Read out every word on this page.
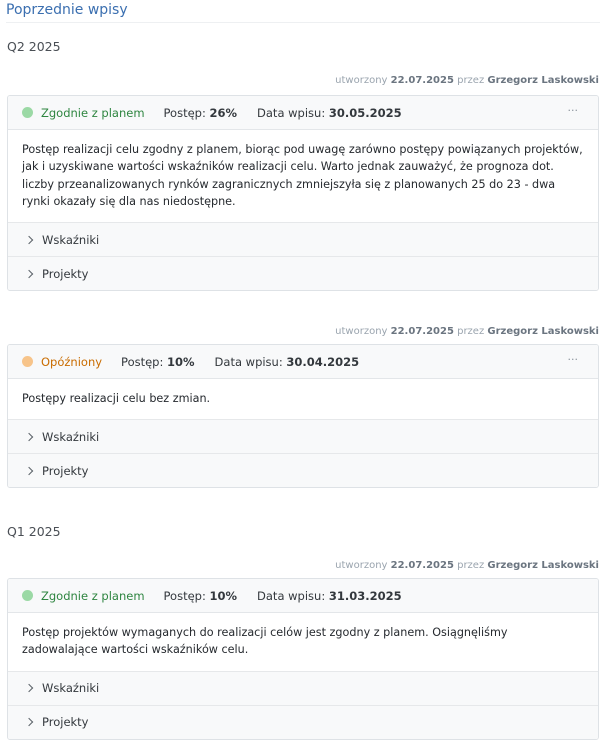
Poprzednie wpisy
Q2 2025
utworzony 22.07.2025 przez Grzegorz Laskowski
Zgodnie z planem Postęp: 26% Data wpisu: 30.05.2025	···
Postęp realizacji celu zgodny z planem, biorąc pod uwagę zarówno postępy powiązanych projektów, jak i uzyskiwane wartości wskaźników realizacji celu. Warto jednak zauważyć, że prognoza dot. liczby przeanalizowanych rynków zagranicznych zmniejszyła się z planowanych 25 do 23 - dwa rynki okazały się dla nas niedostępne.
Wskaźniki
Projekty
utworzony 22.07.2025 przez Grzegorz Laskowski
Opóźniony Postęp: 10% Data wpisu: 30.04.2025	···
Postępy realizacji celu bez zmian.
Wskaźniki
Projekty
Q1 2025
utworzony 22.07.2025 przez Grzegorz Laskowski
Zgodnie z planem Postęp: 10% Data wpisu: 31.03.2025
Postęp projektów wymaganych do realizacji celów jest zgodny z planem. Osiągnęliśmy zadowalające wartości wskaźników celu.
Wskaźniki
Projekty
